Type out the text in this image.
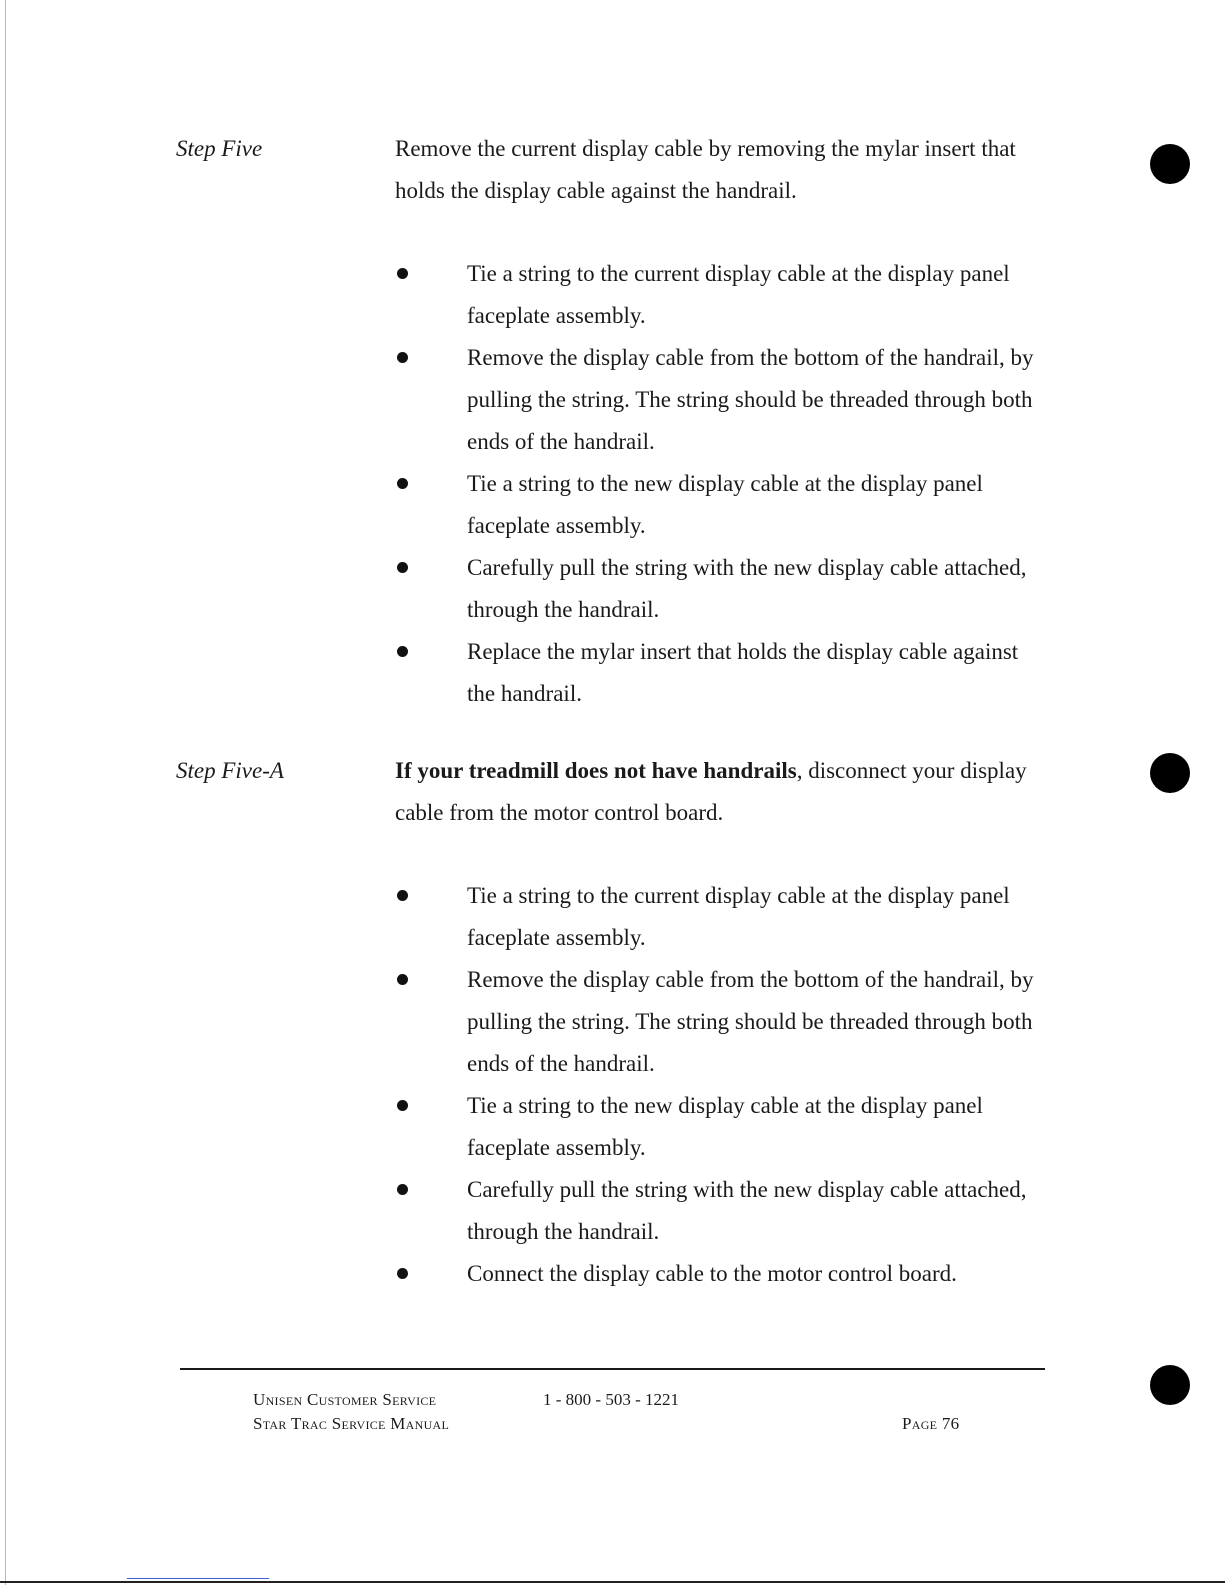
Step Five	Remove the current display cable by removing the mylar insert that holds the display cable against the handrail.
Tie a string to the current display cable at the display panel faceplate assembly.
Remove the display cable from the bottom of the handrail, by pulling the string. The string should be threaded through both ends of the handrail.
Tie a string to the new display cable at the display panel faceplate assembly.
Carefully pull the string with the new display cable attached, through the handrail.
Replace the mylar insert that holds the display cable against the handrail.
Step Five-A	If your treadmill does not have handrails, disconnect your display cable from the motor control board.
Tie a string to the current display cable at the display panel faceplate assembly.
Remove the display cable from the bottom of the handrail, by pulling the string. The string should be threaded through both ends of the handrail.
Tie a string to the new display cable at the display panel faceplate assembly.
Carefully pull the string with the new display cable attached, through the handrail.
Connect the display cable to the motor control board.
Unisen Customer Service
Star Trac Service Manual
1 - 800 - 503 - 1221
Page 76
